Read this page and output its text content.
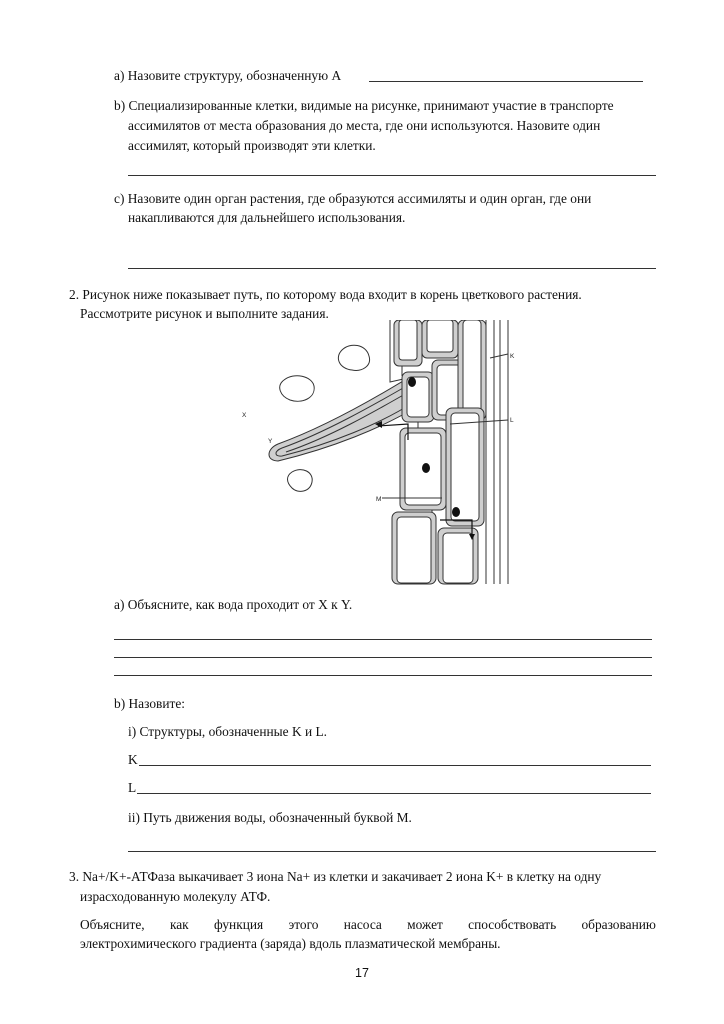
a) Назовите структуру, обозначенную А
b) Специализированные клетки, видимые на рисунке, принимают участие в транспорте
ассимилятов от места образования до места, где они используются. Назовите один
ассимилят, который производят эти клетки.
c) Назовите один орган растения, где образуются ассимиляты и один орган, где они
накапливаются для дальнейшего использования.
2. Рисунок ниже показывает путь, по которому вода входит в корень цветкового растения.
Рассмотрите рисунок и выполните задания.
X
Y
K
L
M
a) Объясните, как вода проходит от X к Y.
b) Назовите:
i) Структуры, обозначенные K и L.
K
L
ii) Путь движения воды, обозначенный буквой M.
3. Na+/K+-АТФаза выкачивает 3 иона Na+ из клетки и закачивает 2 иона K+ в клетку на одну
израсходованную молекулу АТФ.
Объясните, как функция этого насоса может способствовать образованию
электрохимического градиента (заряда) вдоль плазматической мембраны.
17
